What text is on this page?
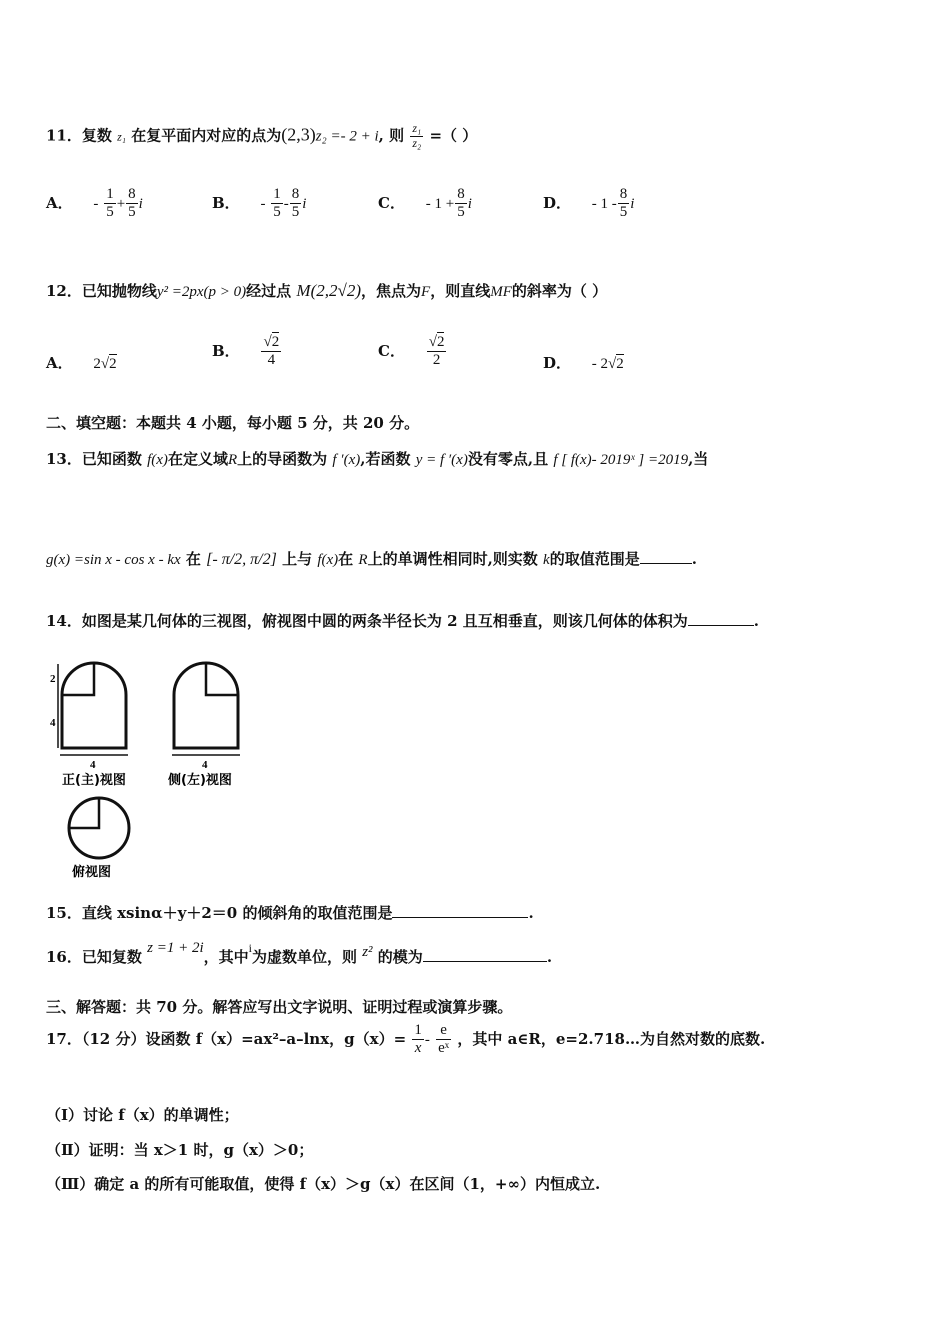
11．复数 z₁ 在复平面内对应的点为(2,3)z₂ =- 2 + i, 则 $\frac{\text{z₁}}{\text{z₂}}$ =（ ）
A． - $\frac{1}{5} + \frac{8}{5}$ i	B． - $\frac{1}{5} - \frac{8}{5}$ i	C． - $1 + \frac{8}{5}$ i	D． - $1 - \frac{8}{5}$ i
12．已知抛物线y² =2px(p > 0)经过点 M(2,2√2)，焦点为F，则直线MF的斜率为（ ）
A． 2√2
B． $\frac{√2}{4}$	C． $\frac{√2}{2}$	D． - 2√2
二、填空题：本题共 4 小题，每小题 5 分，共 20 分。
13．已知函数 f(x)在定义域R上的导函数为 f ′(x),若函数 y = f ′(x)没有零点,且 f [ f(x)- 2019ˣ ] =2019,当
g(x) =sin x - cos x - kx 在 [- π/2, π/2] 上与 f(x)在 R上的单调性相同时,则实数 k的取值范围是	.
14．如图是某几何体的三视图，俯视图中圆的两条半径长为 2 且互相垂直，则该几何体的体积为	.
2
4
4
正(主)视图
4
侧(左)视图
俯视图
15．直线 xsinα＋y＋2＝0 的倾斜角的取值范围是	.
16．已知复数 z =1 + 2i，其中$^i$为虚数单位，则 z² 的模为	.
三、解答题：共 70 分。解答应写出文字说明、证明过程或演算步骤。
17．（12 分）设函数 f（x）=ax²–a–lnx，$g(x)= \frac{1}{x} - \frac{e}{\text{eˣ}}$ ，其中 a∈R，e=2.718…为自然对数的底数.
（Ⅰ）讨论 f（x）的单调性；
（Ⅱ）证明：当 x＞1 时，g（x）＞0；
（Ⅲ）确定 a 的所有可能取值，使得 f（x）＞g（x）在区间（1，+∞）内恒成立.
